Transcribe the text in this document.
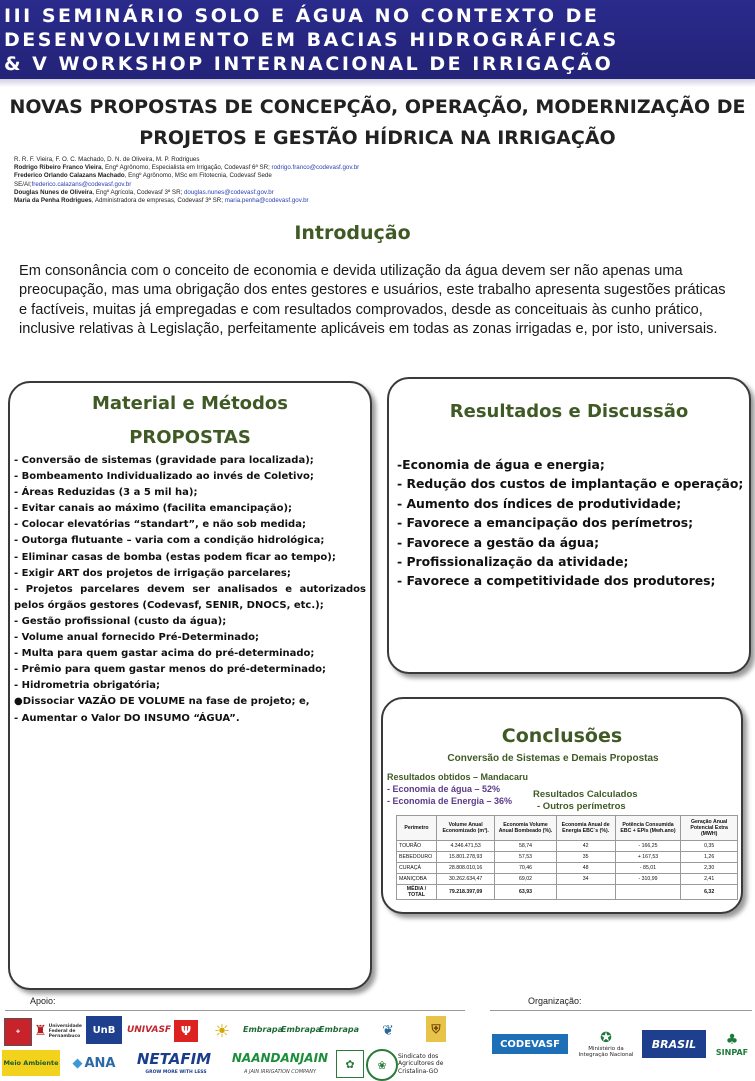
III SEMINÁRIO SOLO E ÁGUA NO CONTEXTO DE
DESENVOLVIMENTO EM BACIAS HIDROGRÁFICAS
& V WORKSHOP INTERNACIONAL DE IRRIGAÇÃO
NOVAS PROPOSTAS DE CONCEPÇÃO, OPERAÇÃO, MODERNIZAÇÃO DE
PROJETOS E GESTÃO HÍDRICA NA IRRIGAÇÃO
R. R. F. Vieira, F. O. C. Machado, D. N. de Oliveira, M. P. Rodrigues
Rodrigo Ribeiro Franco Vieira, Engº Agrônomo, Especialista em Irrigação, Codevasf 6ª SR; rodrigo.franco@codevasf.gov.br
Frederico Orlando Calazans Machado, Engº Agrônomo, MSc em Fitotecnia, Codevasf Sede
SE/AI;frederico.calazans@codevasf.gov.br
Douglas Nunes de Oliveira, Engº Agrícola, Codevasf 3ª SR; douglas.nunes@codevasf.gov.br
Maria da Penha Rodrigues, Administradora de empresas, Codevasf 3ª SR; maria.penha@codevasf.gov.br
Introdução
Em consonância com o conceito de economia e devida utilização da água devem ser não apenas uma preocupação, mas uma obrigação dos entes gestores e usuários, este trabalho apresenta sugestões práticas e factíveis, muitas já empregadas e com resultados comprovados, desde as conceituais às cunho prático, inclusive relativas à Legislação, perfeitamente aplicáveis em todas as zonas irrigadas e, por isto, universais.
Material e Métodos
PROPOSTAS
- Conversão de sistemas (gravidade para localizada);
- Bombeamento Individualizado ao invés de Coletivo;
- Áreas Reduzidas (3 a 5 mil ha);
- Evitar canais ao máximo (facilita emancipação);
- Colocar elevatórias “standart”, e não sob medida;
- Outorga flutuante – varia com a condição hidrológica;
- Eliminar casas de bomba (estas podem ficar ao tempo);
- Exigir ART dos projetos de irrigação parcelares;
- Projetos parcelares devem ser analisados e autorizados pelos órgãos gestores (Codevasf, SENIR, DNOCS, etc.);
- Gestão profissional (custo da água);
- Volume anual fornecido Pré-Determinado;
- Multa para quem gastar acima do pré-determinado;
- Prêmio para quem gastar menos do pré-determinado;
- Hidrometria obrigatória;
●Dissociar VAZÃO DE VOLUME na fase de projeto; e,
- Aumentar o Valor DO INSUMO “ÁGUA”.
Resultados e Discussão
-Economia de água e energia;
- Redução dos custos de implantação e operação;
- Aumento dos índices de produtividade;
- Favorece a emancipação dos perímetros;
- Favorece a gestão da água;
- Profissionalização da atividade;
- Favorece a competitividade dos produtores;
Conclusões
Conversão de Sistemas e Demais Propostas
Resultados obtidos – Mandacaru
- Economia de água – 52%
- Economia de Energia – 36%
Resultados Calculados
- Outros perímetros
Perímetro	Volume Anual Economizado (m³).	Economia Volume Anual Bombeado (%).	Economia Anual de Energia EBC´s (%).	Potência Consumida EBC + EPIs (Mwh.ano)	Geração Anual Potencial Extra (MWH)
TOURÃO	4.346.471,53	58,74	42	- 166,25	0,35
BEBEDOURO	15.801.278,93	57,53	35	+ 167,53	1,26
CURAÇÁ	28.808.010,16	70,46	48	- 85,01	2,30
MANIÇOBA	30.262.634,47	69,02	34	- 310,99	2,41
MÉDIA / TOTAL	79.218.397,09	63,93			6,32
Apoio:	Organização:
✚ ♜ Universidade Federal de Pernambuco
UnB	UNIVASF Ψ	☀	Embrapa
Embrapa
Embrapa	❦	⛨
Meio Ambiente ◆ ANA	NETAFIM
GROW MORE WITH LESS
NAANDANJAIN
A JAIN IRRIGATION COMPANY
✿	❀
Sindicato dos Agricultores de Cristalina-GO
CODEVASF	✪
Ministério da Integração Nacional
BRASIL	♣
SINPAF
